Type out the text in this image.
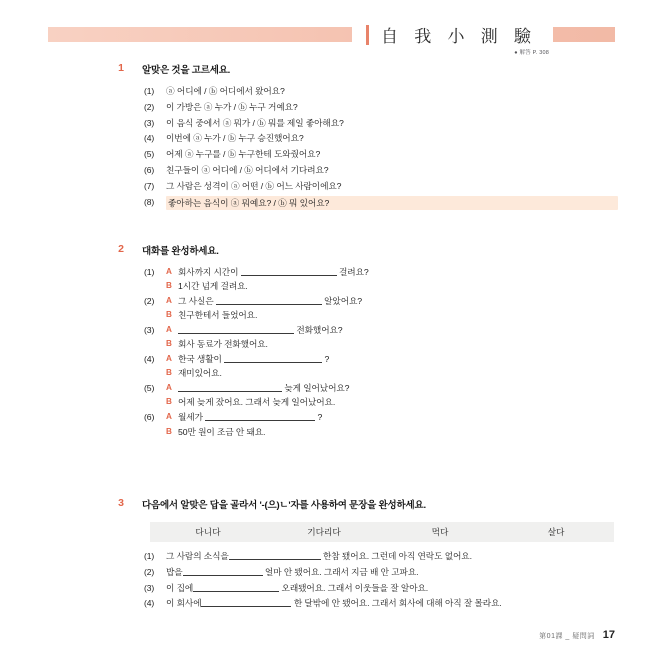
自 我 小 測 驗
● 解答 P. 308
1	알맞은 것을 고르세요.
(1)	ⓐ 어디에 / ⓑ 어디에서 왔어요?
(2)	이 가방은 ⓐ 누가 / ⓑ 누구 거예요?
(3)	이 음식 중에서 ⓐ 뭐가 / ⓑ 뭐를 제일 좋아해요?
(4)	이번에 ⓐ 누가 / ⓑ 누구 승진했어요?
(5)	어제 ⓐ 누구를 / ⓑ 누구한테 도와줬어요?
(6)	친구들이 ⓐ 어디에 / ⓑ 어디에서 기다려요?
(7)	그 사람은 성격이 ⓐ 어떤 / ⓑ 어느 사람이에요?
(8)	좋아하는 음식이 ⓐ 뭐예요? / ⓑ 뭐 있어요?
2	대화를 완성하세요.
(1)	A 회사까지 시간이	걸려요?
B 1시간 넘게 걸려요.
(2)	A 그 사실은	알았어요?
B 친구한테서 들었어요.
(3)	A	전화했어요?
B 회사 동료가 전화했어요.
(4)	A 한국 생활이	?
B 재미있어요.
(5)	A	늦게 일어났어요?
B 어제 늦게 잤어요. 그래서 늦게 일어났어요.
(6)	A 월세가	?
B 50만 원이 조금 안 돼요.
3	다음에서 알맞은 답을 골라서 '-(으)ㄴ'자를 사용하여 문장을 완성하세요.
다니다	기다리다	먹다	살다
(1)	그 사람의 소식을	한참 됐어요. 그런데 아직 연락도 없어요.
(2)	밥을	얼마 안 됐어요. 그래서 지금 배 안 고파요.
(3)	이 집에	오래됐어요. 그래서 이웃들을 잘 알아요.
(4)	이 회사에	한 달밖에 안 됐어요. 그래서 회사에 대해 아직 잘 몰라요.
第01課 _ 疑問詞 17
